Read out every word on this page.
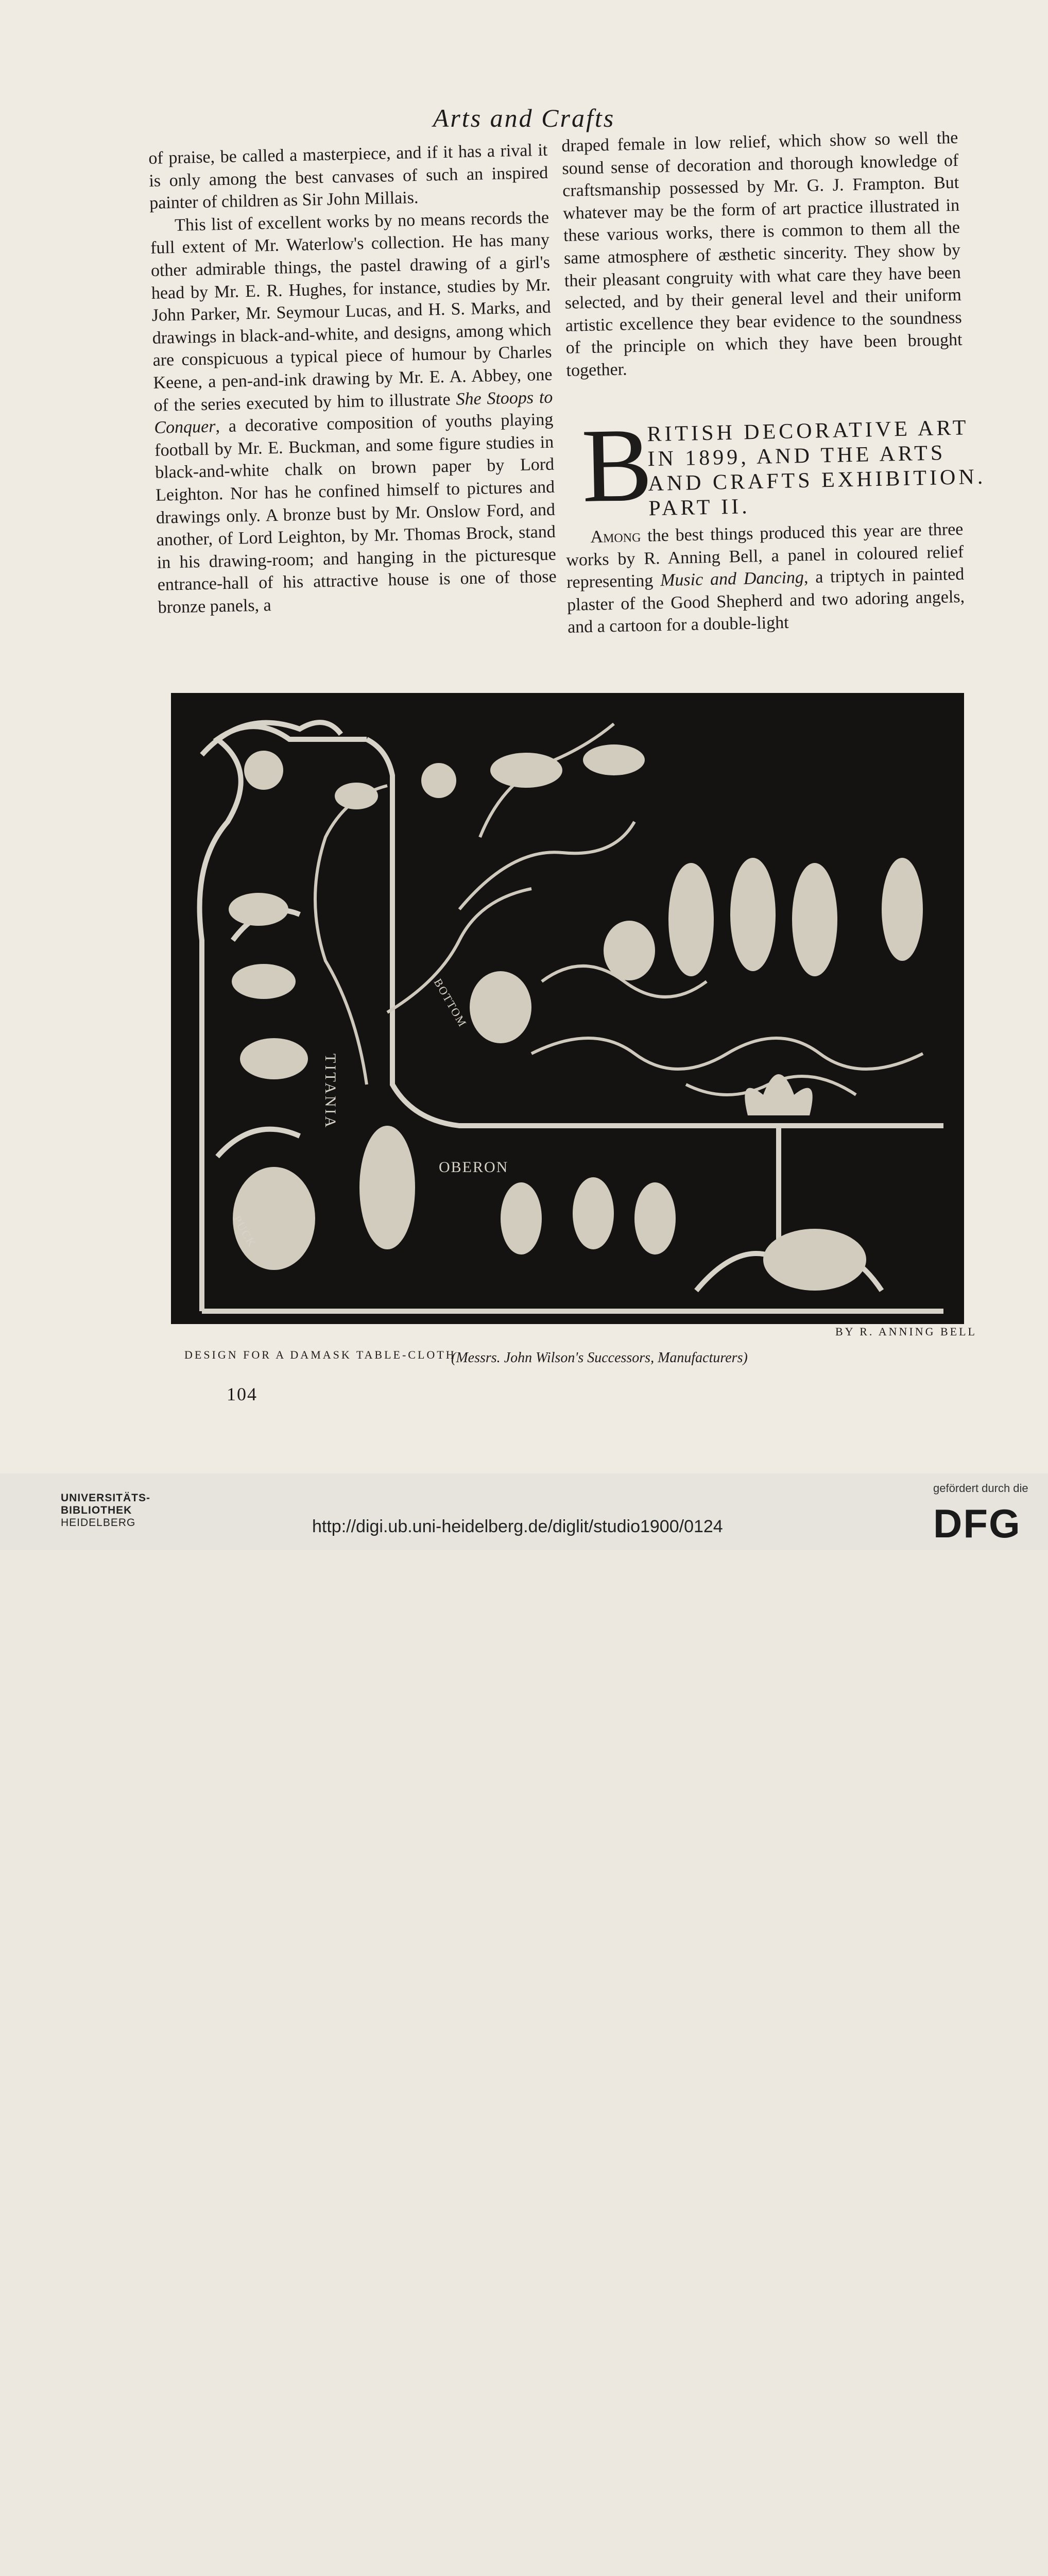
Arts and Crafts

of praise, be called a masterpiece, and if it has a rival it is only among the best canvases of such an inspired painter of children as Sir John Millais.

This list of excellent works by no means records the full extent of Mr. Waterlow's collection. He has many other admirable things, the pastel drawing of a girl's head by Mr. E. R. Hughes, for instance, studies by Mr. John Parker, Mr. Seymour Lucas, and H. S. Marks, and drawings in black-and-white, and designs, among which are conspicuous a typical piece of humour by Charles Keene, a pen-and-ink drawing by Mr. E. A. Abbey, one of the series executed by him to illustrate She Stoops to Conquer, a decorative composition of youths playing football by Mr. E. Buckman, and some figure studies in black-and-white chalk on brown paper by Lord Leighton. Nor has he confined himself to pictures and drawings only. A bronze bust by Mr. Onslow Ford, and another, of Lord Leighton, by Mr. Thomas Brock, stand in his drawing-room; and hanging in the picturesque entrance-hall of his attractive house is one of those bronze panels, a

draped female in low relief, which show so well the sound sense of decoration and thorough knowledge of craftsmanship possessed by Mr. G. J. Frampton. But whatever may be the form of art practice illustrated in these various works, there is common to them all the same atmosphere of æsthetic sincerity. They show by their pleasant congruity with what care they have been selected, and by their general level and their uniform artistic excellence they bear evidence to the soundness of the principle on which they have been brought together.

B
RITISH DECORATIVE ART
IN 1899, AND THE ARTS
AND CRAFTS EXHIBITION.
PART II.

Among the best things produced this year are three works by R. Anning Bell, a panel in coloured relief representing Music and Dancing, a triptych in painted plaster of the Good Shepherd and two adoring angels, and a cartoon for a double-light

TITANIA
OBERON
BOTTOM
PUCK
DESIGN FOR A DAMASK TABLE-CLOTH
BY R. ANNING BELL
(Messrs. John Wilson's Successors, Manufacturers)
104
UNIVERSITÄTS-
BIBLIOTHEK
HEIDELBERG	http://digi.ub.uni-heidelberg.de/diglit/studio1900/0124
gefördert durch die
DFG
